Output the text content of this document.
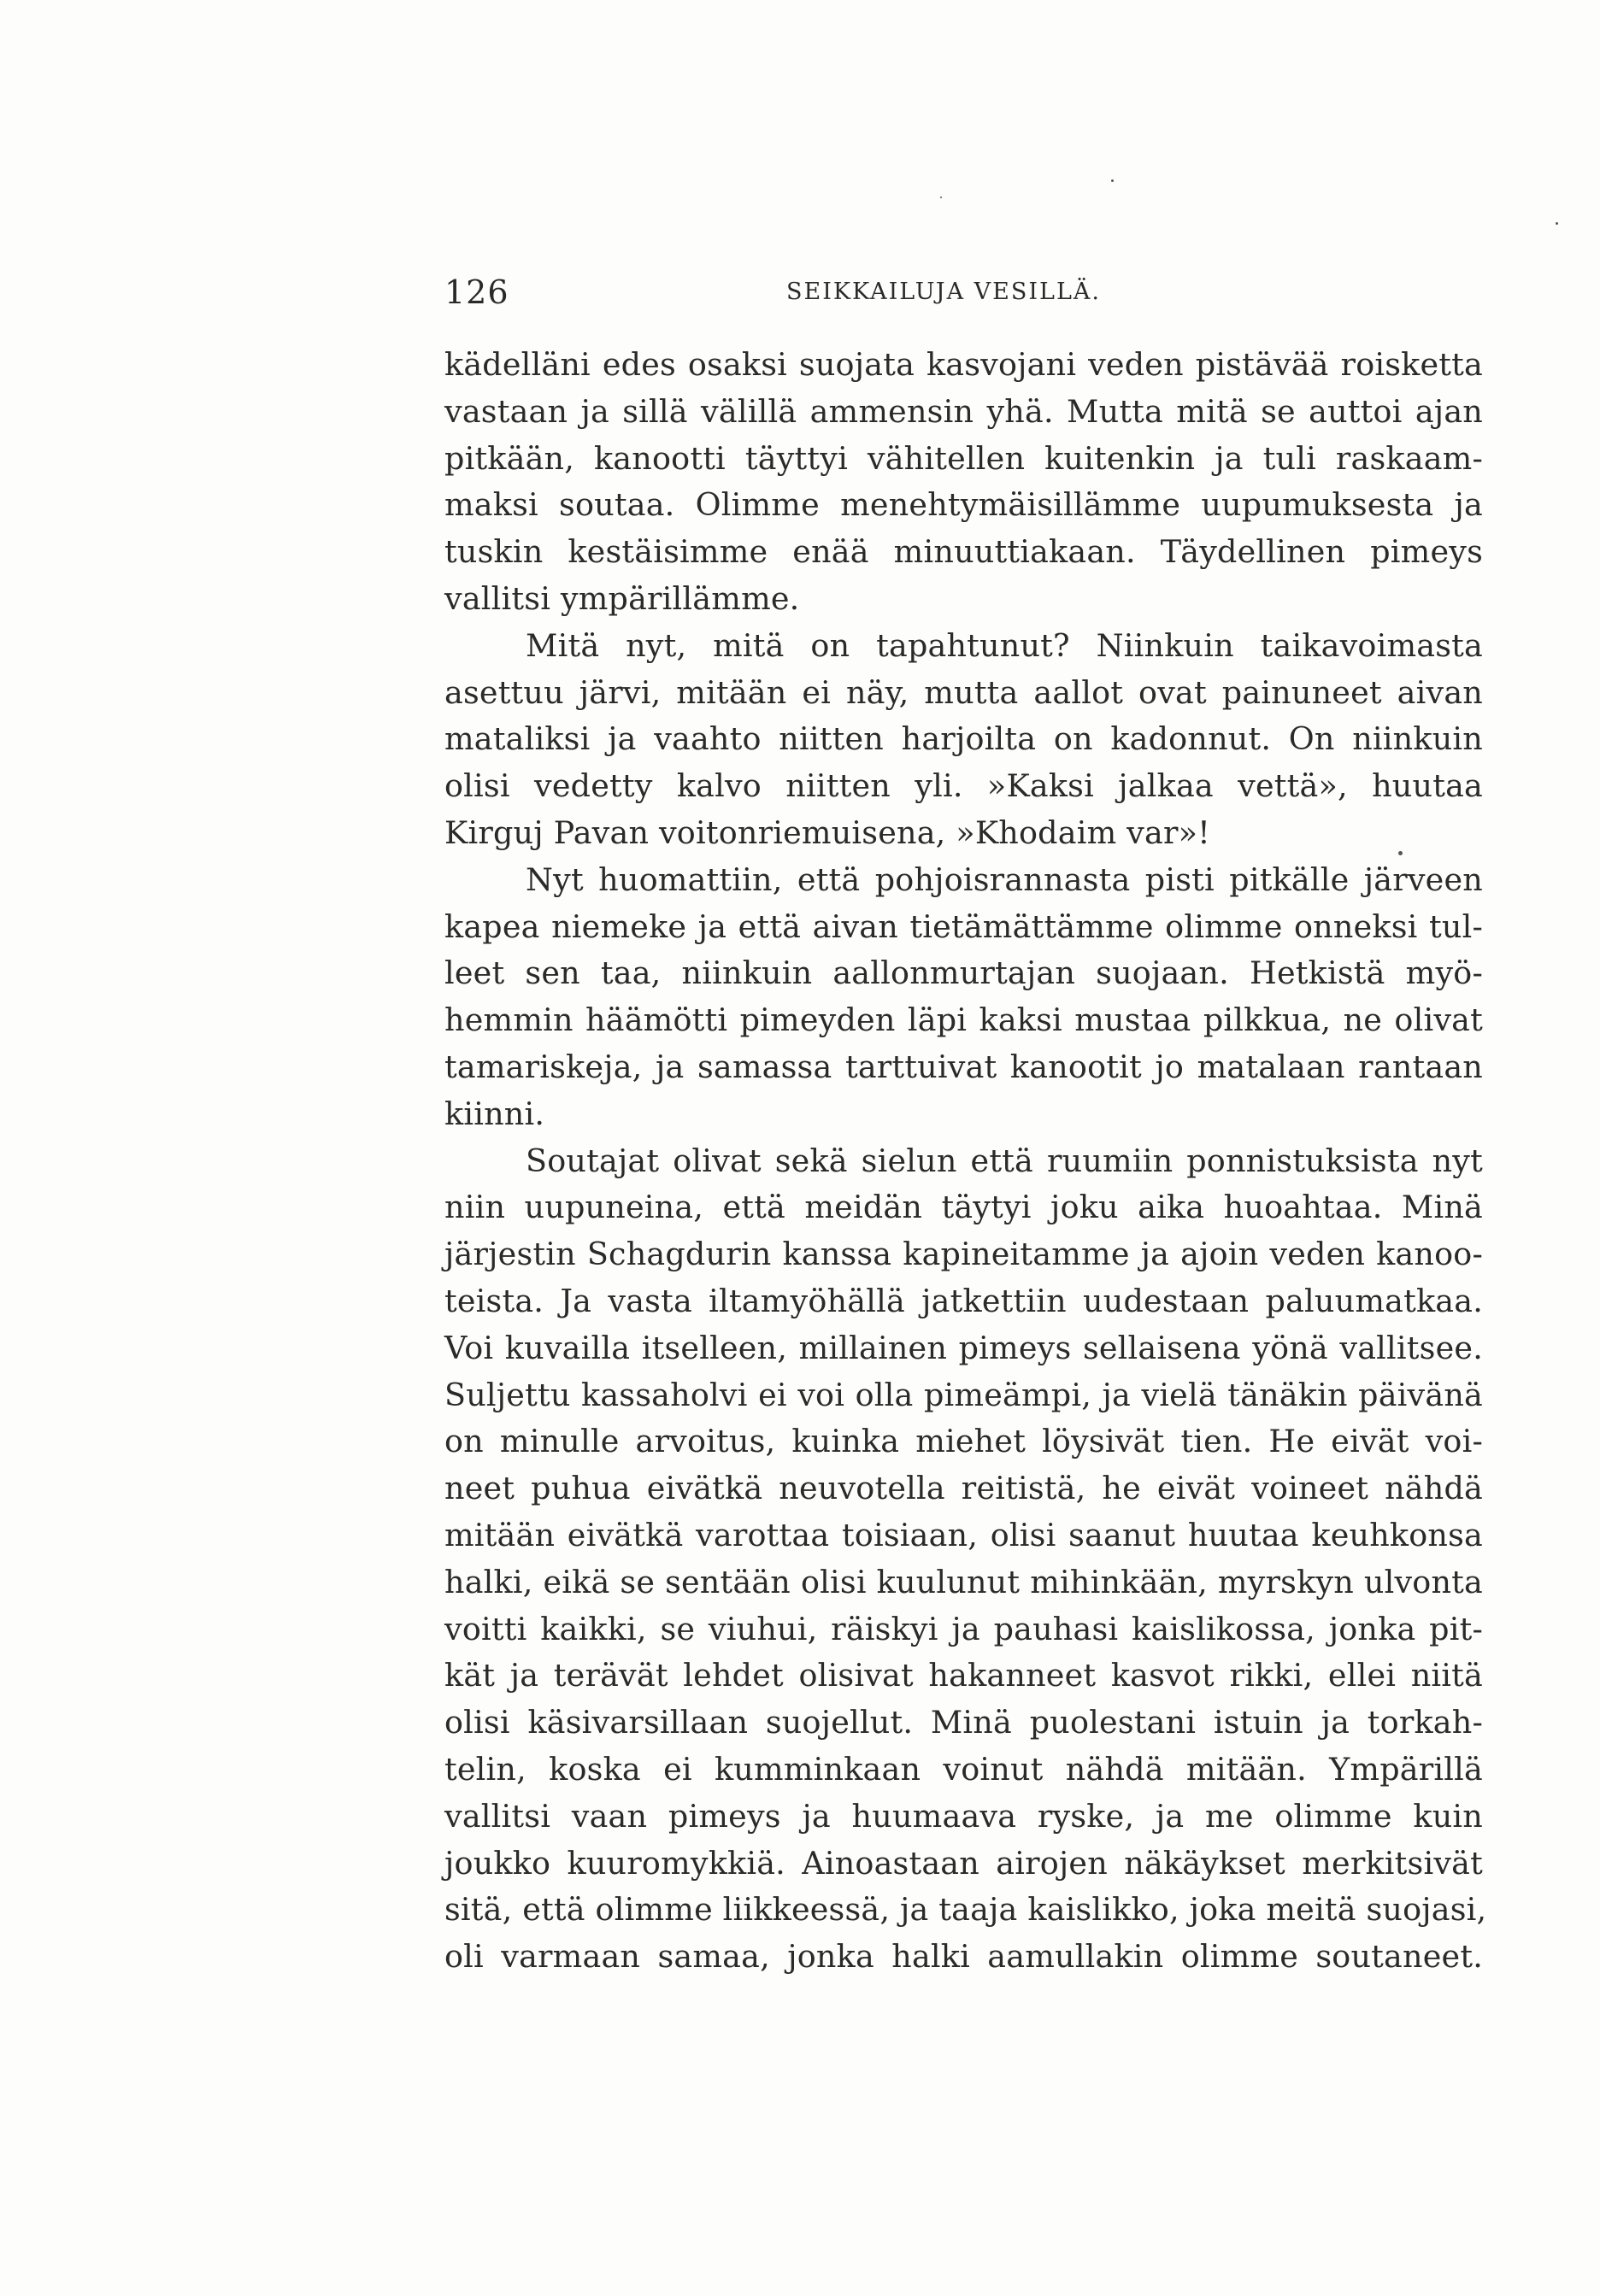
126	SEIKKAILUJA VESILLÄ.
kädelläni edes osaksi suojata kasvojani veden pistävää roisketta
vastaan ja sillä välillä ammensin yhä. Mutta mitä se auttoi ajan
pitkään, kanootti täyttyi vähitellen kuitenkin ja tuli raskaam-
maksi soutaa. Olimme menehtymäisillämme uupumuksesta ja
tuskin kestäisimme enää minuuttiakaan. Täydellinen pimeys
vallitsi ympärillämme.
Mitä nyt, mitä on tapahtunut? Niinkuin taikavoimasta
asettuu järvi, mitään ei näy, mutta aallot ovat painuneet aivan
mataliksi ja vaahto niitten harjoilta on kadonnut. On niinkuin
olisi vedetty kalvo niitten yli. »Kaksi jalkaa vettä», huutaa
Kirguj Pavan voitonriemuisena, »Khodaim var»!
Nyt huomattiin, että pohjoisrannasta pisti pitkälle järveen
kapea niemeke ja että aivan tietämättämme olimme onneksi tul-
leet sen taa, niinkuin aallonmurtajan suojaan. Hetkistä myö-
hemmin häämötti pimeyden läpi kaksi mustaa pilkkua, ne olivat
tamariskeja, ja samassa tarttuivat kanootit jo matalaan rantaan
kiinni.
Soutajat olivat sekä sielun että ruumiin ponnistuksista nyt
niin uupuneina, että meidän täytyi joku aika huoahtaa. Minä
järjestin Schagdurin kanssa kapineitamme ja ajoin veden kanoo-
teista. Ja vasta iltamyöhällä jatkettiin uudestaan paluumatkaa.
Voi kuvailla itselleen, millainen pimeys sellaisena yönä vallitsee.
Suljettu kassaholvi ei voi olla pimeämpi, ja vielä tänäkin päivänä
on minulle arvoitus, kuinka miehet löysivät tien. He eivät voi-
neet puhua eivätkä neuvotella reitistä, he eivät voineet nähdä
mitään eivätkä varottaa toisiaan, olisi saanut huutaa keuhkonsa
halki, eikä se sentään olisi kuulunut mihinkään, myrskyn ulvonta
voitti kaikki, se viuhui, räiskyi ja pauhasi kaislikossa, jonka pit-
kät ja terävät lehdet olisivat hakanneet kasvot rikki, ellei niitä
olisi käsivarsillaan suojellut. Minä puolestani istuin ja torkah-
telin, koska ei kumminkaan voinut nähdä mitään. Ympärillä
vallitsi vaan pimeys ja huumaava ryske, ja me olimme kuin
joukko kuuromykkiä. Ainoastaan airojen näkäykset merkitsivät
sitä, että olimme liikkeessä, ja taaja kaislikko, joka meitä suojasi,
oli varmaan samaa, jonka halki aamullakin olimme soutaneet.
